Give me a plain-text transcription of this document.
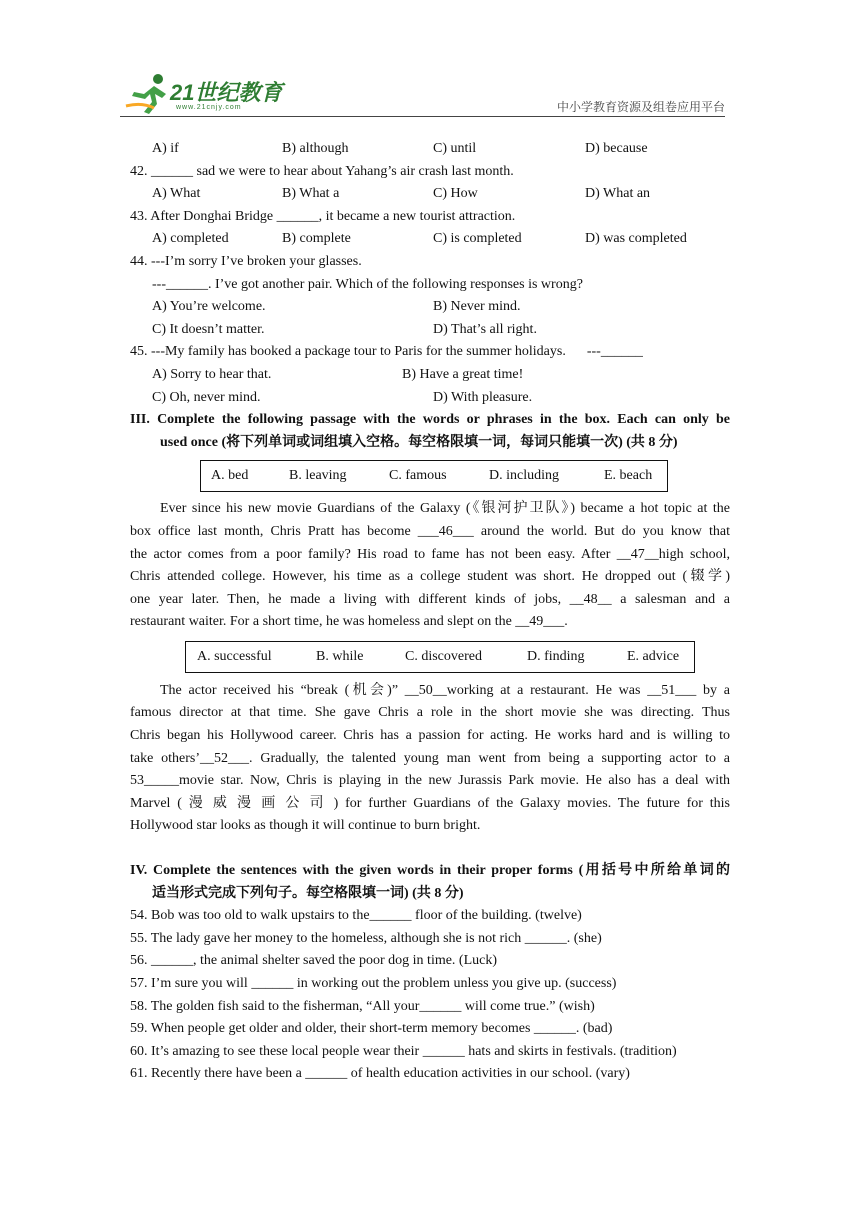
21世纪教育
www.21cnjy.com	中小学教育资源及组卷应用平台
A) if	B) although	C) until	D) because
42. ______ sad we were to hear about Yahang’s air crash last month.
A) What	B) What a	C) How	D) What an
43. After Donghai Bridge ______, it became a new tourist attraction.
A) completed	B) complete	C) is completed	D) was completed
44. ---I’m sorry I’ve broken your glasses.
---______. I’ve got another pair. Which of the following responses is wrong?
A) You’re welcome.	B) Never mind.
C) It doesn’t matter.	D) That’s all right.
45. ---My family has booked a package tour to Paris for the summer holidays.      ---______
A) Sorry to hear that.	B) Have a great time!
C) Oh, never mind.	D) With pleasure.
III. Complete the following passage with the words or phrases in the box. Each can only be
used once (将下列单词或词组填入空格。每空格限填一词，每词只能填一次) (共 8 分)
A. bed	B. leaving	C. famous	D. including	E. beach
Ever since his new movie Guardians of the Galaxy (《银河护卫队》) became a hot topic at the
box office last month, Chris Pratt has become ___46___ around the world. But do you know that
the actor comes from a poor family? His road to fame has not been easy. After __47__high school,
Chris attended college. However, his time as a college student was short. He dropped out (辍学)
one year later. Then, he made a living with different kinds of jobs, __48__ a salesman and a
restaurant waiter. For a short time, he was homeless and slept on the __49___.
A. successful	B. while	C. discovered	D. finding	E. advice
The actor received his “break (机会)” __50__working at a restaurant. He was __51___ by a
famous director at that time. She gave Chris a role in the short movie she was directing. Thus
Chris began his Hollywood career. Chris has a passion for acting. He works hard and is willing to
take others’__52___. Gradually, the talented young man went from being a supporting actor to a
53_____movie star. Now, Chris is playing in the new Jurassis Park movie. He also has a deal with
Marvel ( 漫 威 漫 画 公 司 ) for further Guardians of the Galaxy movies. The future for this
Hollywood star looks as though it will continue to burn bright.
IV. Complete the sentences with the given words in their proper forms (用括号中所给单词的
适当形式完成下列句子。每空格限填一词) (共 8 分)
54. Bob was too old to walk upstairs to the______ floor of the building. (twelve)
55. The lady gave her money to the homeless, although she is not rich ______. (she)
56. ______, the animal shelter saved the poor dog in time. (Luck)
57. I’m sure you will ______ in working out the problem unless you give up. (success)
58. The golden fish said to the fisherman, “All your______ will come true.” (wish)
59. When people get older and older, their short-term memory becomes ______. (bad)
60. It’s amazing to see these local people wear their ______ hats and skirts in festivals. (tradition)
61. Recently there have been a ______ of health education activities in our school. (vary)
